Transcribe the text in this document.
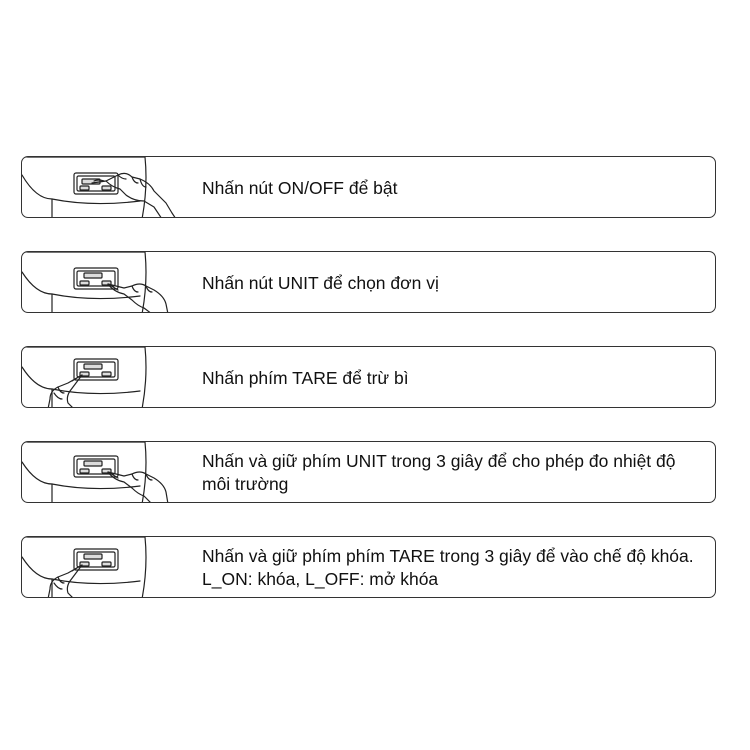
Nhấn nút ON/OFF để bật
Nhấn nút UNIT để chọn đơn vị
Nhấn phím TARE để trừ bì
Nhấn và giữ phím UNIT trong 3 giây để cho phép đo nhiệt độ môi trường
Nhấn và giữ phím phím TARE trong 3 giây để vào chế độ khóa. L_ON: khóa, L_OFF: mở khóa
